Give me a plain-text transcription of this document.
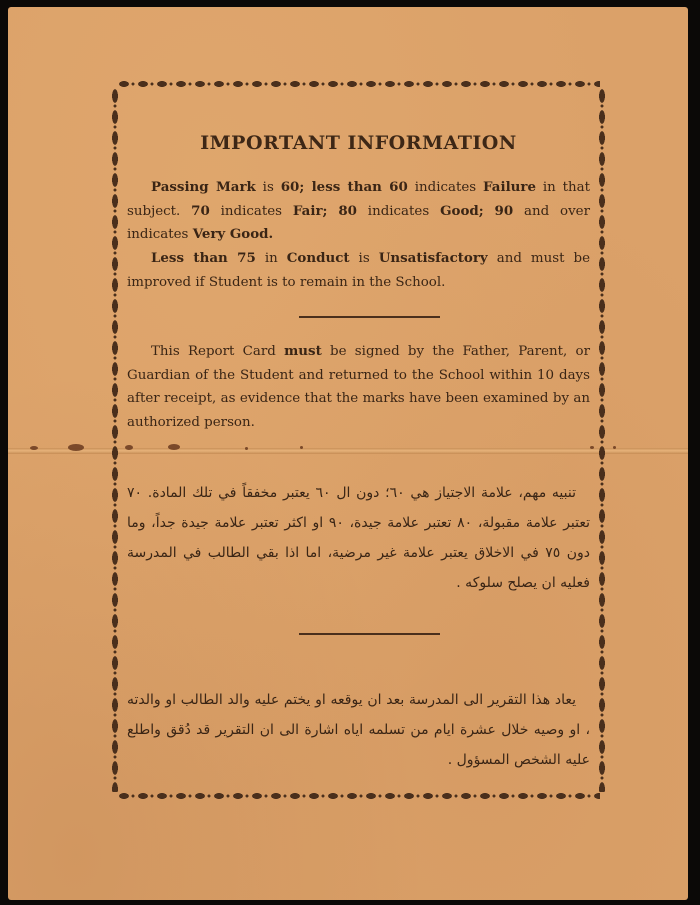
IMPORTANT INFORMATION
Passing Mark is 60; less than 60 indicates Failure in that subject. 70 indicates Fair; 80 indicates Good; 90 and over indicates Very Good.
Less than 75 in Conduct is Unsatisfactory and must be improved if Student is to remain in the School.
This Report Card must be signed by the Father, Parent, or Guardian of the Student and returned to the School within 10 days after receipt, as evidence that the marks have been examined by an authorized person.
تنبيه مهم، علامة الاجتياز هي ٦٠؛ دون ال ٦٠ يعتبر مخفقاً في تلك المادة. ٧٠ تعتبر علامة مقبولة، ٨٠ تعتبر علامة جيدة، ٩٠ او اكثر تعتبر علامة جيدة جداً، وما دون ٧٥ في الاخلاق يعتبر علامة غير مرضية، اما اذا بقي الطالب في المدرسة فعليه ان يصلح سلوكه .
يعاد هذا التقرير الى المدرسة بعد ان يوقعه او يختم عليه والد الطالب او والدته ، او وصيه خلال عشرة ايام من تسلمه اياه اشارة الى ان التقرير قد دُقق واطلع عليه الشخص المسؤول .
